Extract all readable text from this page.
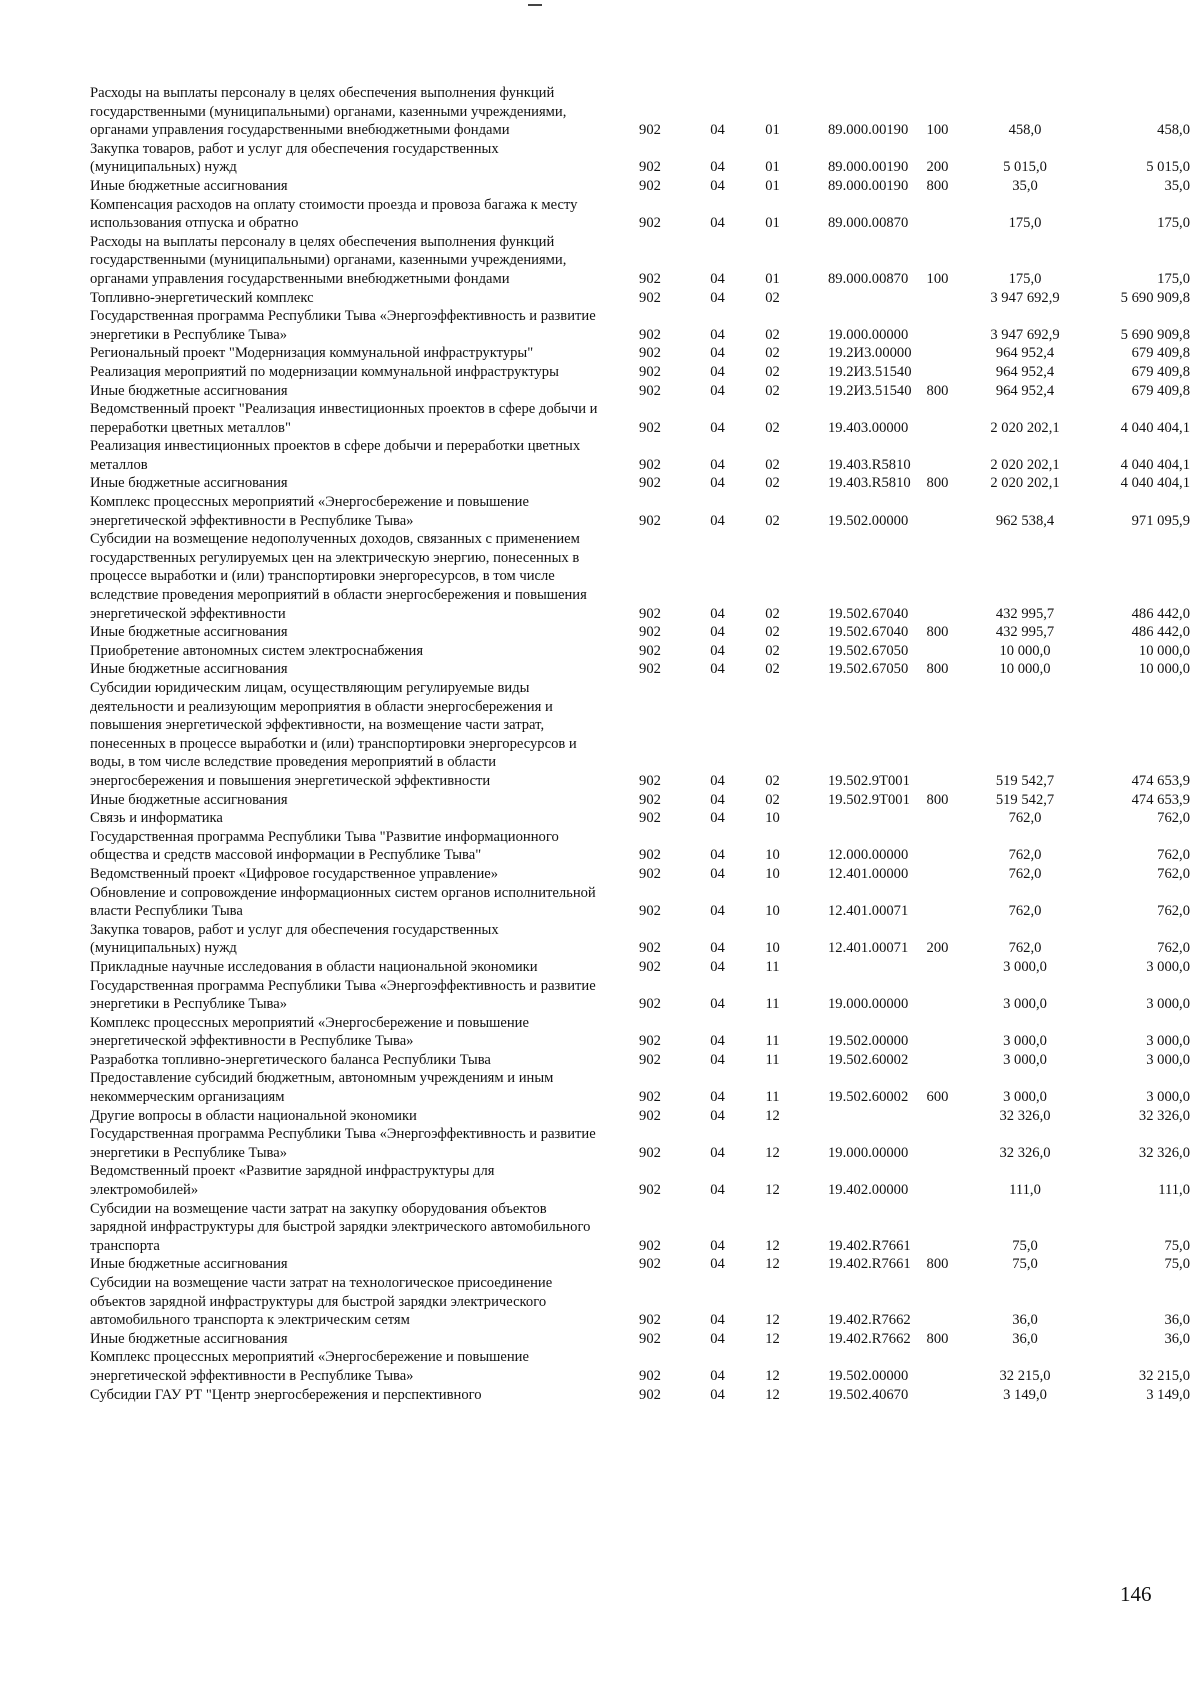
Расходы на выплаты персоналу в целях обеспечения выполнения функций государственными (муниципальными) органами, казенными учреждениями, органами управления государственными внебюджетными фондами	902	04	01	89.000.00190	100	458,0	458,0
Закупка товаров, работ и услуг для обеспечения государственных (муниципальных) нужд	902	04	01	89.000.00190	200	5 015,0	5 015,0
Иные бюджетные ассигнования	902	04	01	89.000.00190	800	35,0	35,0
Компенсация расходов на оплату стоимости проезда и провоза багажа к месту использования отпуска и обратно	902	04	01	89.000.00870		175,0	175,0
Расходы на выплаты персоналу в целях обеспечения выполнения функций государственными (муниципальными) органами, казенными учреждениями, органами управления государственными внебюджетными фондами	902	04	01	89.000.00870	100	175,0	175,0
Топливно-энергетический комплекс	902	04	02			3 947 692,9	5 690 909,8
Государственная программа Республики Тыва «Энергоэффективность и развитие энергетики в Республике Тыва»	902	04	02	19.000.00000		3 947 692,9	5 690 909,8
Региональный проект "Модернизация коммунальной инфраструктуры"	902	04	02	19.2И3.00000		964 952,4	679 409,8
Реализация мероприятий по модернизации коммунальной инфраструктуры	902	04	02	19.2И3.51540		964 952,4	679 409,8
Иные бюджетные ассигнования	902	04	02	19.2И3.51540	800	964 952,4	679 409,8
Ведомственный проект "Реализация инвестиционных проектов в сфере добычи и переработки цветных металлов"	902	04	02	19.403.00000		2 020 202,1	4 040 404,1
Реализация инвестиционных проектов в сфере добычи и переработки цветных металлов	902	04	02	19.403.R5810		2 020 202,1	4 040 404,1
Иные бюджетные ассигнования	902	04	02	19.403.R5810	800	2 020 202,1	4 040 404,1
Комплекс процессных мероприятий «Энергосбережение и повышение энергетической эффективности в Республике Тыва»	902	04	02	19.502.00000		962 538,4	971 095,9
Субсидии на возмещение недополученных доходов, связанных с применением государственных регулируемых цен на электрическую энергию, понесенных в процессе выработки и (или) транспортировки энергоресурсов, в том числе вследствие проведения мероприятий в области энергосбережения и повышения энергетической эффективности	902	04	02	19.502.67040		432 995,7	486 442,0
Иные бюджетные ассигнования	902	04	02	19.502.67040	800	432 995,7	486 442,0
Приобретение автономных систем электроснабжения	902	04	02	19.502.67050		10 000,0	10 000,0
Иные бюджетные ассигнования	902	04	02	19.502.67050	800	10 000,0	10 000,0
Субсидии юридическим лицам, осуществляющим регулируемые виды деятельности и реализующим мероприятия в области энергосбережения и повышения энергетической эффективности, на возмещение части затрат, понесенных в процессе выработки и (или) транспортировки энергоресурсов и воды, в том числе вследствие проведения мероприятий в области энергосбережения и повышения энергетической эффективности	902	04	02	19.502.9Т001		519 542,7	474 653,9
Иные бюджетные ассигнования	902	04	02	19.502.9Т001	800	519 542,7	474 653,9
Связь и информатика	902	04	10			762,0	762,0
Государственная программа Республики Тыва "Развитие информационного общества и средств массовой информации в Республике Тыва"	902	04	10	12.000.00000		762,0	762,0
Ведомственный проект «Цифровое государственное управление»	902	04	10	12.401.00000		762,0	762,0
Обновление и сопровождение информационных систем органов исполнительной власти Республики Тыва	902	04	10	12.401.00071		762,0	762,0
Закупка товаров, работ и услуг для обеспечения государственных (муниципальных) нужд	902	04	10	12.401.00071	200	762,0	762,0
Прикладные научные исследования в области национальной экономики	902	04	11			3 000,0	3 000,0
Государственная программа Республики Тыва «Энергоэффективность и развитие энергетики в Республике Тыва»	902	04	11	19.000.00000		3 000,0	3 000,0
Комплекс процессных мероприятий «Энергосбережение и повышение энергетической эффективности в Республике Тыва»	902	04	11	19.502.00000		3 000,0	3 000,0
Разработка топливно-энергетического баланса Республики Тыва	902	04	11	19.502.60002		3 000,0	3 000,0
Предоставление субсидий бюджетным, автономным учреждениям и иным некоммерческим организациям	902	04	11	19.502.60002	600	3 000,0	3 000,0
Другие вопросы в области национальной экономики	902	04	12			32 326,0	32 326,0
Государственная программа Республики Тыва «Энергоэффективность и развитие энергетики в Республике Тыва»	902	04	12	19.000.00000		32 326,0	32 326,0
Ведомственный проект «Развитие зарядной инфраструктуры для электромобилей»	902	04	12	19.402.00000		111,0	111,0
Субсидии на возмещение части затрат на закупку оборудования объектов зарядной инфраструктуры для быстрой зарядки электрического автомобильного транспорта	902	04	12	19.402.R7661		75,0	75,0
Иные бюджетные ассигнования	902	04	12	19.402.R7661	800	75,0	75,0
Субсидии на возмещение части затрат на технологическое присоединение объектов зарядной инфраструктуры для быстрой зарядки электрического автомобильного транспорта к электрическим сетям	902	04	12	19.402.R7662		36,0	36,0
Иные бюджетные ассигнования	902	04	12	19.402.R7662	800	36,0	36,0
Комплекс процессных мероприятий «Энергосбережение и повышение энергетической эффективности в Республике Тыва»	902	04	12	19.502.00000		32 215,0	32 215,0
Субсидии ГАУ РТ "Центр энергосбережения и перспективного	902	04	12	19.502.40670		3 149,0	3 149,0
146
